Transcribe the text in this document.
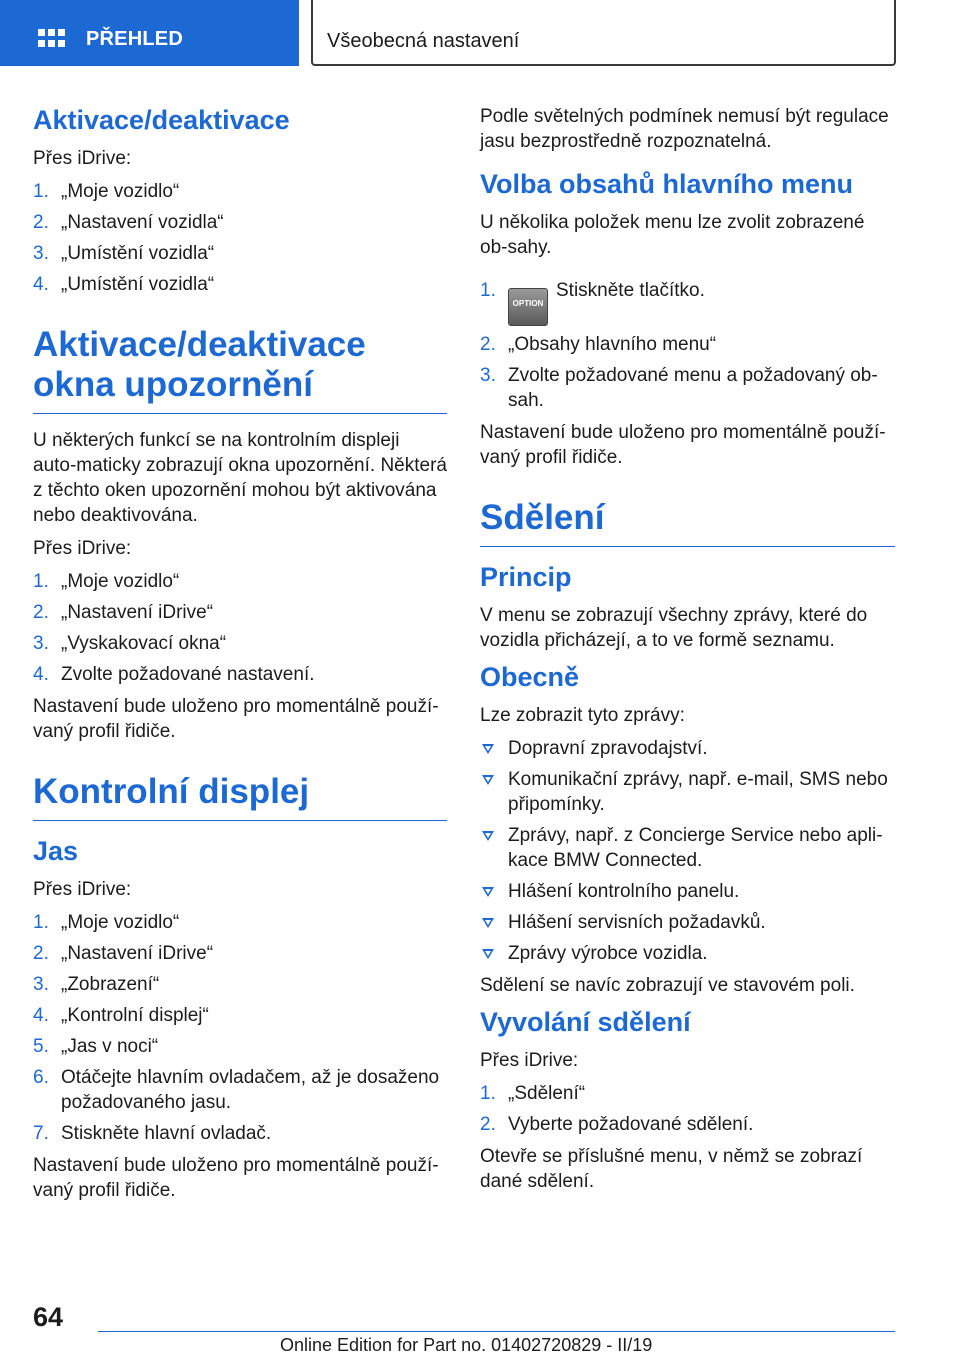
PŘEHLED	Všeobecná nastavení
Aktivace/deaktivace

Přes iDrive:

1. „Moje vozidlo“
2. „Nastavení vozidla“
3. „Umístění vozidla“
4. „Umístění vozidla“
Aktivace/deaktivace okna upozornění

U některých funkcí se na kontrolním displeji auto‐maticky zobrazují okna upozornění. Některá z těchto oken upozornění mohou být aktivována nebo deaktivována.

Přes iDrive:

1. „Moje vozidlo“
2. „Nastavení iDrive“
3. „Vyskakovací okna“
4. Zvolte požadované nastavení.

Nastavení bude uloženo pro momentálně použí‐vaný profil řidiče.

Kontrolní displej
Jas

Přes iDrive:

1. „Moje vozidlo“
2. „Nastavení iDrive“
3. „Zobrazení“
4. „Kontrolní displej“
5. „Jas v noci“
6. Otáčejte hlavním ovladačem, až je dosaženo požadovaného jasu.
7. Stiskněte hlavní ovladač.

Nastavení bude uloženo pro momentálně použí‐vaný profil řidiče.

Podle světelných podmínek nemusí být regulace jasu bezprostředně rozpoznatelná.

Volba obsahů hlavního menu

U několika položek menu lze zvolit zobrazené ob‐sahy.

1.
OPTIONStiskněte tlačítko.
2. „Obsahy hlavního menu“
3. Zvolte požadované menu a požadovaný ob‐sah.

Nastavení bude uloženo pro momentálně použí‐vaný profil řidiče.

Sdělení
Princip

V menu se zobrazují všechny zprávy, které do vozidla přicházejí, a to ve formě seznamu.

Obecně

Lze zobrazit tyto zprávy:

Dopravní zpravodajství.
Komunikační zprávy, např. e-mail, SMS nebo připomínky.
Zprávy, např. z Concierge Service nebo apli‐kace BMW Connected.
Hlášení kontrolního panelu.
Hlášení servisních požadavků.
Zprávy výrobce vozidla.

Sdělení se navíc zobrazují ve stavovém poli.

Vyvolání sdělení

Přes iDrive:

1. „Sdělení“
2. Vyberte požadované sdělení.

Otevře se příslušné menu, v němž se zobrazí dané sdělení.

64
Online Edition for Part no. 01402720829 - II/19
